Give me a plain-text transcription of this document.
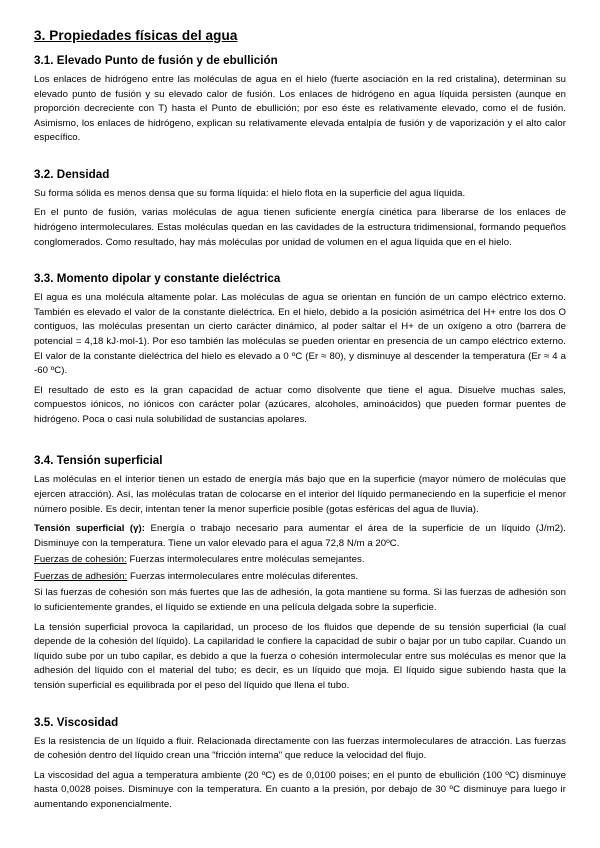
3. Propiedades físicas del agua
3.1. Elevado Punto de fusión y de ebullición

Los enlaces de hidrógeno entre las moléculas de agua en el hielo (fuerte asociación en la red cristalina), determinan su elevado punto de fusión y su elevado calor de fusión. Los enlaces de hidrógeno en agua líquida persisten (aunque en proporción decreciente con T) hasta el Punto de ebullición; por eso éste es relativamente elevado, como el de fusión. Asimismo, los enlaces de hidrógeno, explican su relativamente elevada entalpía de fusión y de vaporización y el alto calor específico.

3.2. Densidad

Su forma sólida es menos densa que su forma líquida: el hielo flota en la superficie del agua líquida.

En el punto de fusión, varias moléculas de agua tienen suficiente energía cinética para liberarse de los enlaces de hidrógeno intermoleculares. Estas moléculas quedan en las cavidades de la estructura tridimensional, formando pequeños conglomerados. Como resultado, hay más moléculas por unidad de volumen en el agua líquida que en el hielo.

3.3. Momento dipolar y constante dieléctrica

El agua es una molécula altamente polar. Las moléculas de agua se orientan en función de un campo eléctrico externo. También es elevado el valor de la constante dieléctrica. En el hielo, debido a la posición asimétrica del H+ entre los dos O contiguos, las moléculas presentan un cierto carácter dinámico, al poder saltar el H+ de un oxígeno a otro (barrera de potencial = 4,18 kJ·mol-1). Por eso también las moléculas se pueden orientar en presencia de un campo eléctrico externo. El valor de la constante dieléctrica del hielo es elevado a 0 ºC (Er ≈ 80), y disminuye al descender la temperatura (Er ≈ 4 a -60 ºC).

El resultado de esto es la gran capacidad de actuar como disolvente que tiene el agua. Disuelve muchas sales, compuestos iónicos, no iónicos con carácter polar (azúcares, alcoholes, aminoácidos) que pueden formar puentes de hidrógeno. Poca o casi nula solubilidad de sustancias apolares.

3.4. Tensión superficial

Las moléculas en el interior tienen un estado de energía más bajo que en la superficie (mayor número de moléculas que ejercen atracción). Así, las moléculas tratan de colocarse en el interior del líquido permaneciendo en la superficie el menor número posible. Es decir, intentan tener la menor superficie posible (gotas esféricas del agua de lluvia).

Tensión superficial (γ): Energía o trabajo necesario para aumentar el área de la superficie de un líquido (J/m2). Disminuye con la temperatura. Tiene un valor elevado para el agua 72,8 N/m a 20ºC.

Fuerzas de cohesión: Fuerzas intermoleculares entre moléculas semejantes.

Fuerzas de adhesión: Fuerzas intermoleculares entre moléculas diferentes.

Si las fuerzas de cohesión son más fuertes que las de adhesión, la gota mantiene su forma. Si las fuerzas de adhesión son lo suficientemente grandes, el líquido se extiende en una película delgada sobre la superficie.

La tensión superficial provoca la capilaridad, un proceso de los fluidos que depende de su tensión superficial (la cual depende de la cohesión del líquido). La capilaridad le confiere la capacidad de subir o bajar por un tubo capilar. Cuando un líquido sube por un tubo capilar, es debido a que la fuerza o cohesión intermolecular entre sus moléculas es menor que la adhesión del líquido con el material del tubo; es decir, es un líquido que moja. El líquido sigue subiendo hasta que la tensión superficial es equilibrada por el peso del líquido que llena el tubo.

3.5. Viscosidad

Es la resistencia de un líquido a fluir. Relacionada directamente con las fuerzas intermoleculares de atracción. Las fuerzas de cohesión dentro del líquido crean una "fricción interna" que reduce la velocidad del flujo.

La viscosidad del agua a temperatura ambiente (20 ºC) es de 0,0100 poises; en el punto de ebullición (100 ºC) disminuye hasta 0,0028 poises. Disminuye con la temperatura. En cuanto a la presión, por debajo de 30 ºC disminuye para luego ir aumentando exponencialmente.
